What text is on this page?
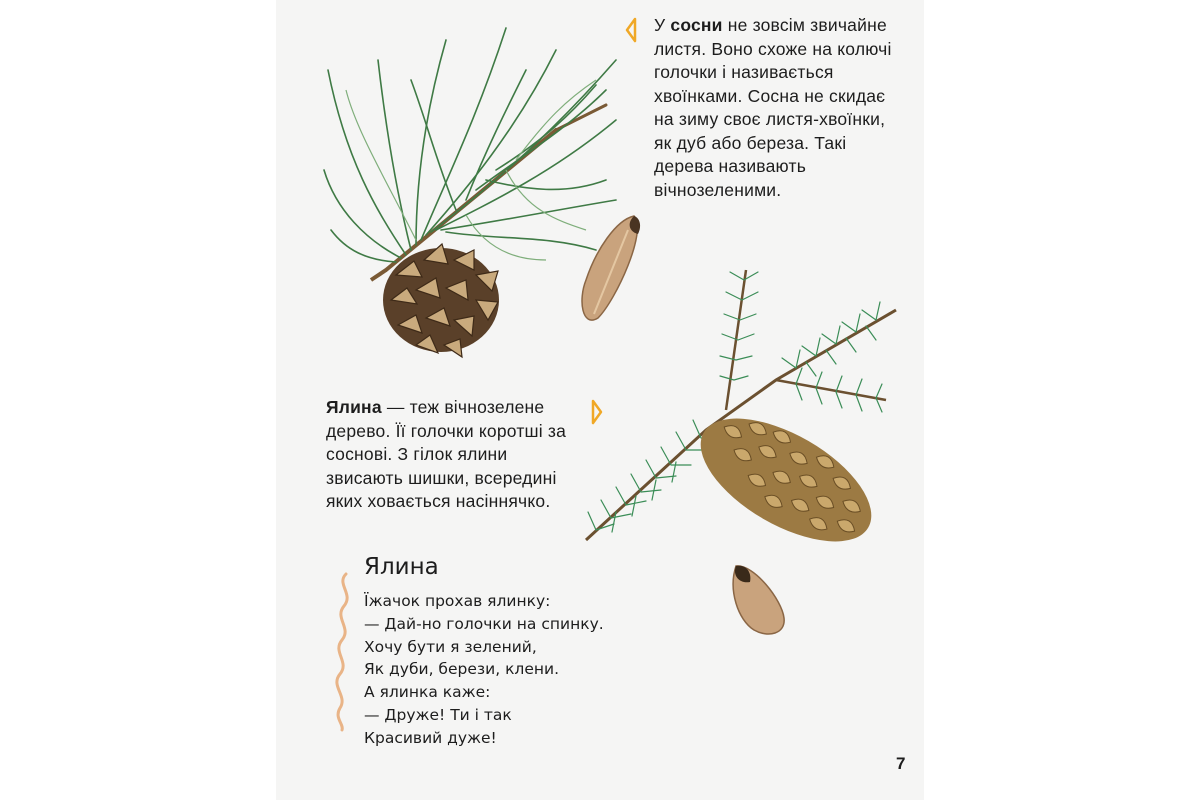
У сосни не зовсім звичайне листя. Воно схоже на колючі голочки і називається хвоїнками. Сосна не скидає на зиму своє листя-хвоїнки, як дуб або береза. Такі дерева називають вічнозеленими.
Ялина — теж вічнозелене дерево. Її голочки коротші за соснові. З гілок ялини звисають шишки, всередині яких ховається насіннячко.
Ялина
Їжачок прохав ялинку:
— Дай-но голочки на спинку.
Хочу бути я зелений,
Як дуби, берези, клени.
А ялинка каже:
— Друже! Ти і так
Красивий дуже!
7
